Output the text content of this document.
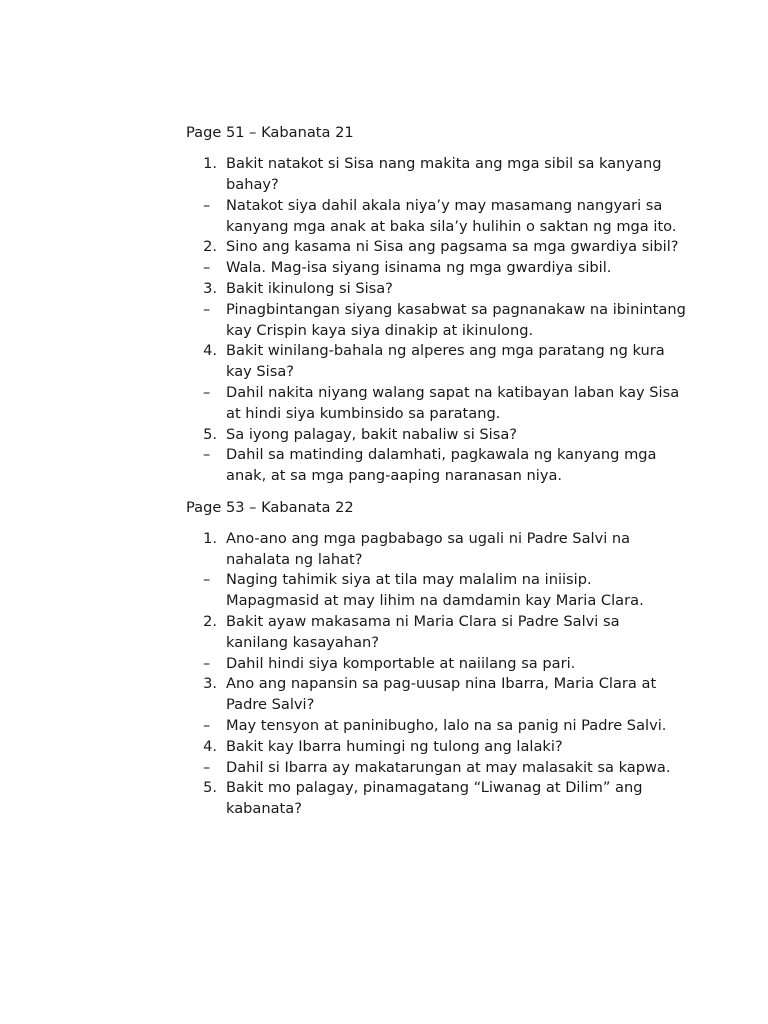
Page 51 – Kabanata 21

1. Bakit natakot si Sisa nang makita ang mga sibil sa kanyang bahay?
– Natakot siya dahil akala niya’y may masamang nangyari sa kanyang mga anak at baka sila’y hulihin o saktan ng mga ito.
2. Sino ang kasama ni Sisa ang pagsama sa mga gwardiya sibil?
– Wala. Mag-isa siyang isinama ng mga gwardiya sibil.
3. Bakit ikinulong si Sisa?
– Pinagbintangan siyang kasabwat sa pagnanakaw na ibinintang kay Crispin kaya siya dinakip at ikinulong.
4. Bakit winilang-bahala ng alperes ang mga paratang ng kura kay Sisa?
– Dahil nakita niyang walang sapat na katibayan laban kay Sisa at hindi siya kumbinsido sa paratang.
5. Sa iyong palagay, bakit nabaliw si Sisa?
– Dahil sa matinding dalamhati, pagkawala ng kanyang mga anak, at sa mga pang-aaping naranasan niya.

Page 53 – Kabanata 22

1. Ano-ano ang mga pagbabago sa ugali ni Padre Salvi na nahalata ng lahat?
– Naging tahimik siya at tila may malalim na iniisip. Mapagmasid at may lihim na damdamin kay Maria Clara.
2. Bakit ayaw makasama ni Maria Clara si Padre Salvi sa kanilang kasayahan?
– Dahil hindi siya komportable at naiilang sa pari.
3. Ano ang napansin sa pag-uusap nina Ibarra, Maria Clara at Padre Salvi?
– May tensyon at paninibugho, lalo na sa panig ni Padre Salvi.
4. Bakit kay Ibarra humingi ng tulong ang lalaki?
– Dahil si Ibarra ay makatarungan at may malasakit sa kapwa.
5. Bakit mo palagay, pinamagatang “Liwanag at Dilim” ang kabanata?
